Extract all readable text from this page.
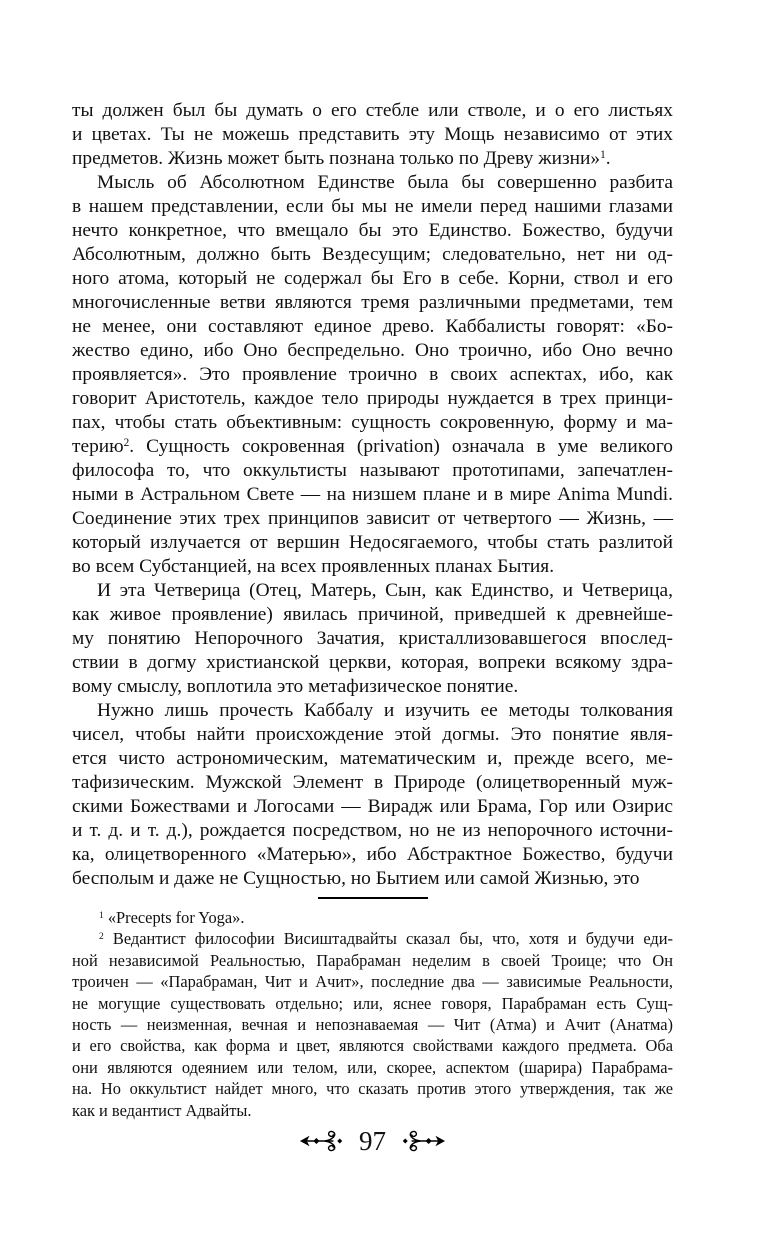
ты должен был бы думать о его стебле или стволе, и о его листьях
и цветах. Ты не можешь представить эту Мощь независимо от этих
предметов. Жизнь может быть познана только по Древу жизни»$^1$.
Мысль об Абсолютном Единстве была бы совершенно разбита
в нашем представлении, если бы мы не имели перед нашими глазами
нечто конкретное, что вмещало бы это Единство. Божество, будучи
Абсолютным, должно быть Вездесущим; следовательно, нет ни од-
ного атома, который не содержал бы Его в себе. Корни, ствол и его
многочисленные ветви являются тремя различными предметами, тем
не менее, они составляют единое древо. Каббалисты говорят: «Бо-
жество едино, ибо Оно беспредельно. Оно троично, ибо Оно вечно
проявляется». Это проявление троично в своих аспектах, ибо, как
говорит Аристотель, каждое тело природы нуждается в трех принци-
пах, чтобы стать объективным: сущность сокровенную, форму и ма-
терию$^2$. Сущность сокровенная (privation) означала в уме великого
философа то, что оккультисты называют прототипами, запечатлен-
ными в Астральном Свете — на низшем плане и в мире Anima Mundi.
Соединение этих трех принципов зависит от четвертого — Жизнь, —
который излучается от вершин Недосягаемого, чтобы стать разлитой
во всем Субстанцией, на всех проявленных планах Бытия.
И эта Четверица (Отец, Матерь, Сын, как Единство, и Четверица,
как живое проявление) явилась причиной, приведшей к древнейше-
му понятию Непорочного Зачатия, кристаллизовавшегося впослед-
ствии в догму христианской церкви, которая, вопреки всякому здра-
вому смыслу, воплотила это метафизическое понятие.
Нужно лишь прочесть Каббалу и изучить ее методы толкования
чисел, чтобы найти происхождение этой догмы. Это понятие явля-
ется чисто астрономическим, математическим и, прежде всего, ме-
тафизическим. Мужской Элемент в Природе (олицетворенный муж-
скими Божествами и Логосами — Вирадж или Брама, Гор или Озирис
и т. д. и т. д.), рождается посредством, но не из непорочного источни-
ка, олицетворенного «Матерью», ибо Абстрактное Божество, будучи
бесполым и даже не Сущностью, но Бытием или самой Жизнью, это
$^1$ «Precepts for Yoga».
$^2$ Ведантист философии Висиштадвайты сказал бы, что, хотя и будучи еди-
ной независимой Реальностью, Парабраман неделим в своей Троице; что Он
троичен — «Парабраман, Чит и Ачит», последние два — зависимые Реальности,
не могущие существовать отдельно; или, яснее говоря, Парабраман есть Сущ-
ность — неизменная, вечная и непознаваемая — Чит (Атма) и Ачит (Анатма)
и его свойства, как форма и цвет, являются свойствами каждого предмета. Оба
они являются одеянием или телом, или, скорее, аспектом (шарира) Парабрама-
на. Но оккультист найдет много, что сказать против этого утверждения, так же
как и ведантист Адвайты.
97
